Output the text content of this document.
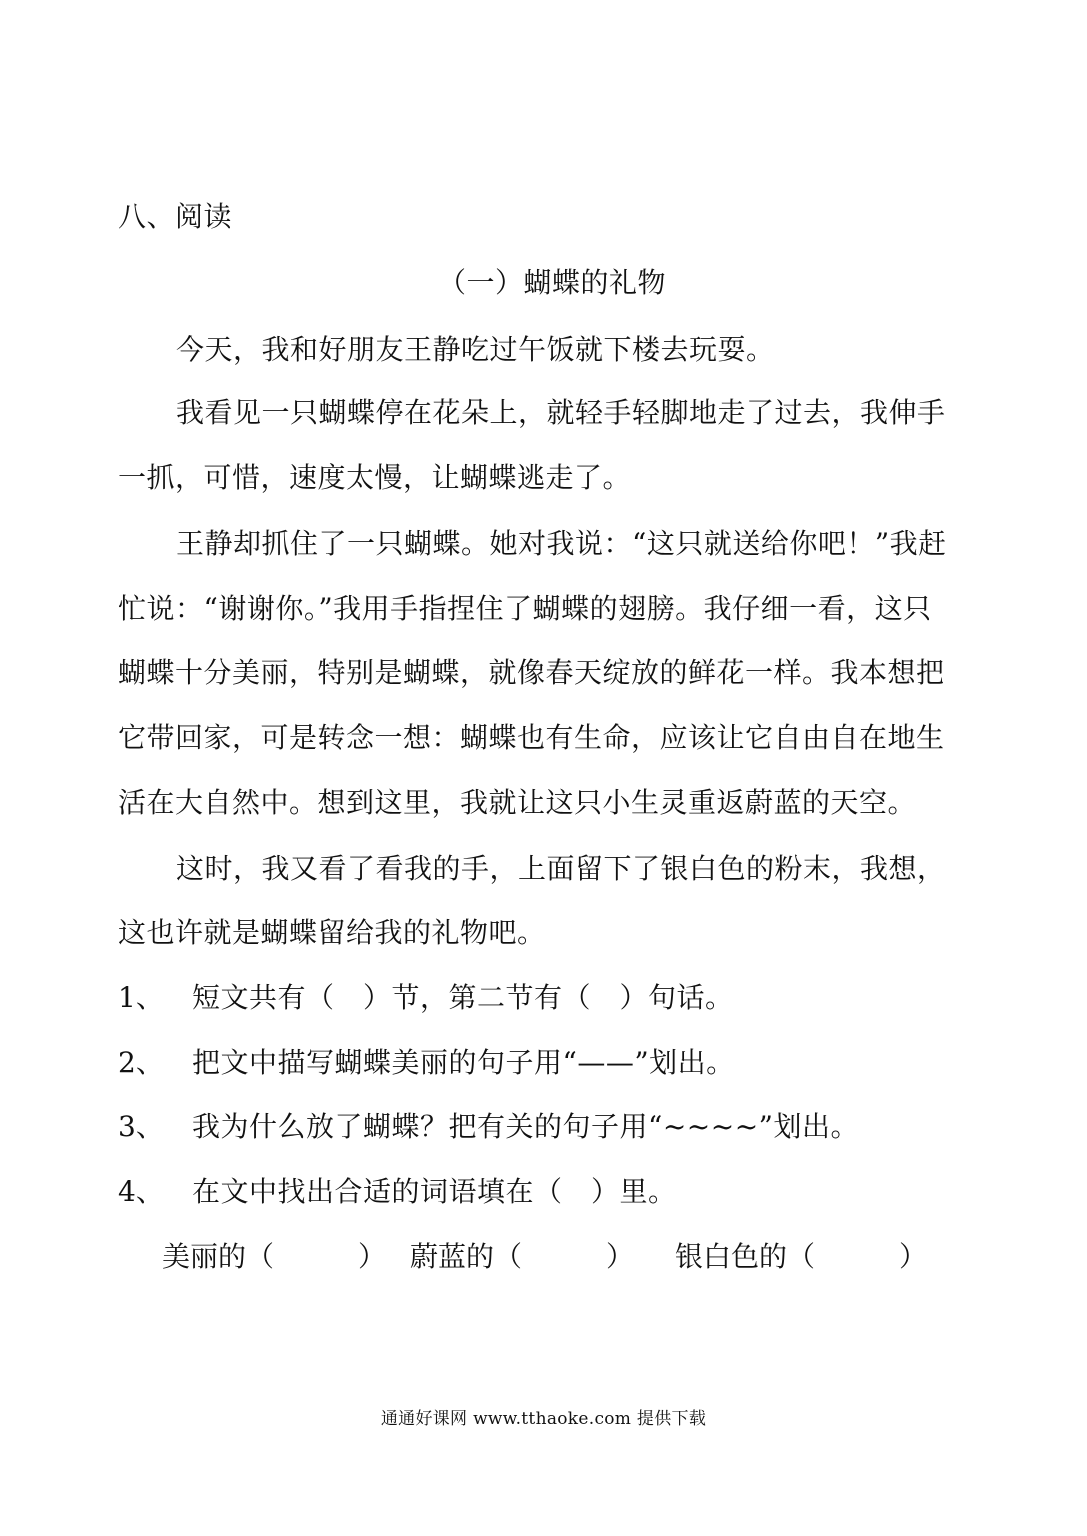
八、阅读
（一）蝴蝶的礼物
今天，我和好朋友王静吃过午饭就下楼去玩耍。
我看见一只蝴蝶停在花朵上，就轻手轻脚地走了过去，我伸手
一抓，可惜，速度太慢，让蝴蝶逃走了。
王静却抓住了一只蝴蝶。她对我说：“这只就送给你吧！”我赶
忙说：“谢谢你。”我用手指捏住了蝴蝶的翅膀。我仔细一看，这只
蝴蝶十分美丽，特别是蝴蝶，就像春天绽放的鲜花一样。我本想把
它带回家，可是转念一想：蝴蝶也有生命，应该让它自由自在地生
活在大自然中。想到这里，我就让这只小生灵重返蔚蓝的天空。
这时，我又看了看我的手，上面留下了银白色的粉末，我想，
这也许就是蝴蝶留给我的礼物吧。
1、 短文共有（　）节，第二节有（　）句话。
2、 把文中描写蝴蝶美丽的句子用“——”划出。
3、 我为什么放了蝴蝶？把有关的句子用“~~~~”划出。
4、 在文中找出合适的词语填在（　）里。
美丽的（　　　） 蔚蓝的（　　　） 银白色的（　　　）
通通好课网 www.tthaoke.com 提供下载
